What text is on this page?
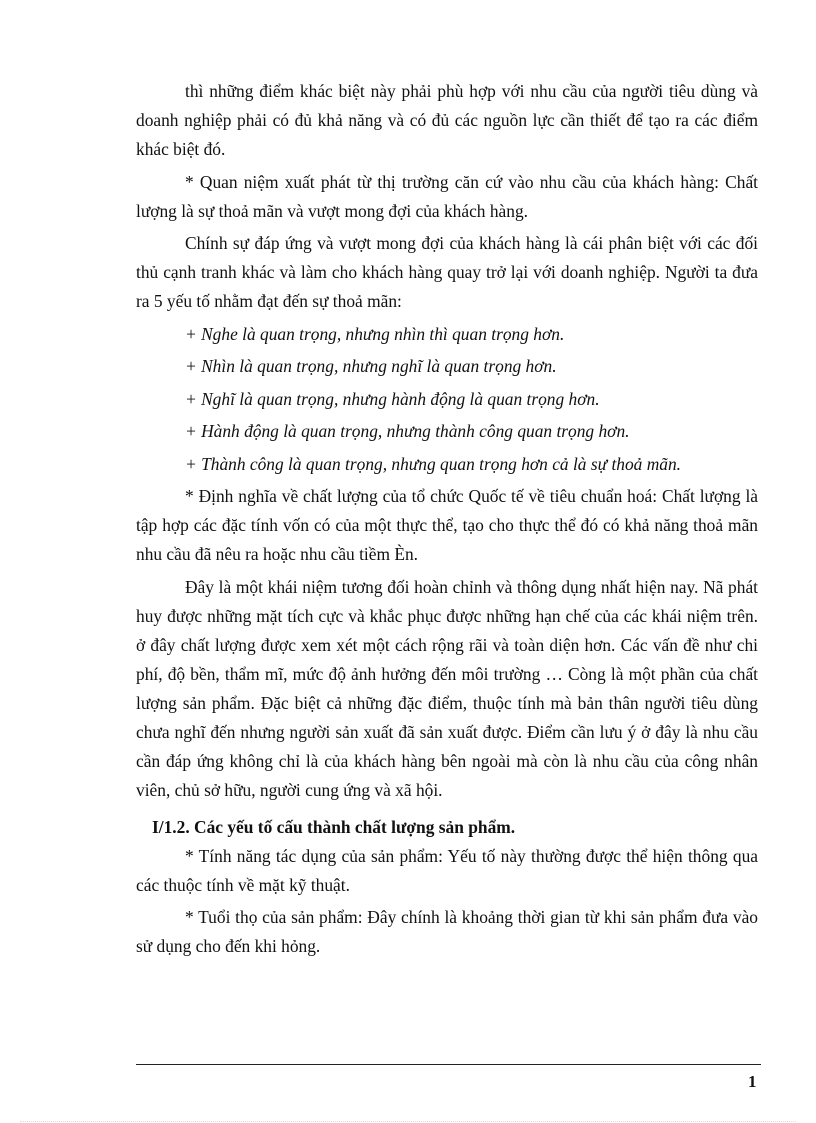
thì những điểm khác biệt này phải phù hợp với nhu cầu của người tiêu dùng và doanh nghiệp phải có đủ khả năng và có đủ các nguồn lực cần thiết để tạo ra các điểm khác biệt đó.

* Quan niệm xuất phát từ thị trường căn cứ vào nhu cầu của khách hàng: Chất lượng là sự thoả mãn và vượt mong đợi của khách hàng.

Chính sự đáp ứng và vượt mong đợi của khách hàng là cái phân biệt với các đối thủ cạnh tranh khác và làm cho khách hàng quay trở lại với doanh nghiệp. Người ta đưa ra 5 yếu tố nhằm đạt đến sự thoả mãn:

+ Nghe là quan trọng, nhưng nhìn thì quan trọng hơn.

+ Nhìn là quan trọng, nhưng nghĩ là quan trọng hơn.

+ Nghĩ là quan trọng, nhưng hành động là quan trọng hơn.

+ Hành động là quan trọng, nhưng thành công quan trọng hơn.

+ Thành công là quan trọng, nhưng quan trọng hơn cả là sự thoả mãn.

* Định nghĩa về chất lượng của tổ chức Quốc tế về tiêu chuẩn hoá: Chất lượng là tập hợp các đặc tính vốn có của một thực thể, tạo cho thực thể đó có khả năng thoả mãn nhu cầu đã nêu ra hoặc nhu cầu tiềm Èn.

Đây là một khái niệm tương đối hoàn chỉnh và thông dụng nhất hiện nay. Nã phát huy được những mặt tích cực và khắc phục được những hạn chế của các khái niệm trên. ở đây chất lượng được xem xét một cách rộng rãi và toàn diện hơn. Các vấn đề như chi phí, độ bền, thẩm mĩ, mức độ ảnh hưởng đến môi trường … Còng là một phần của chất lượng sản phẩm. Đặc biệt cả những đặc điểm, thuộc tính mà bản thân người tiêu dùng chưa nghĩ đến nhưng người sản xuất đã sản xuất được. Điểm cần lưu ý ở đây là nhu cầu cần đáp ứng không chỉ là của khách hàng bên ngoài mà còn là nhu cầu của công nhân viên, chủ sở hữu, người cung ứng và xã hội.

I/1.2. Các yếu tố cấu thành chất lượng sản phẩm.

* Tính năng tác dụng của sản phẩm: Yếu tố này thường được thể hiện thông qua các thuộc tính về mặt kỹ thuật.

* Tuổi thọ của sản phẩm: Đây chính là khoảng thời gian từ khi sản phẩm đưa vào sử dụng cho đến khi hỏng.

1
